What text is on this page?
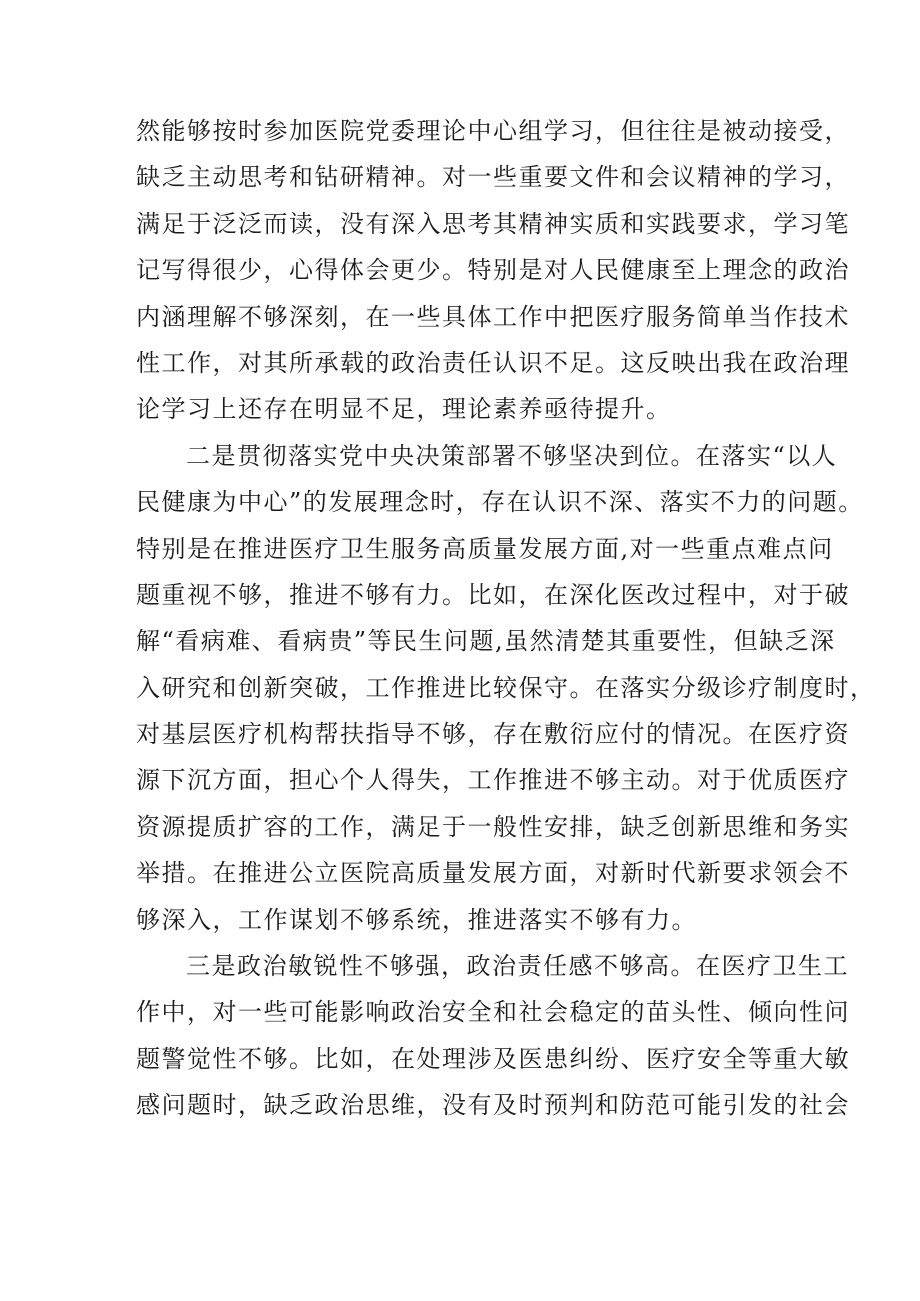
然能够按时参加医院党委理论中心组学习，但往往是被动接受，
缺乏主动思考和钻研精神。对一些重要文件和会议精神的学习，
满足于泛泛而读，没有深入思考其精神实质和实践要求，学习笔
记写得很少，心得体会更少。特别是对人民健康至上理念的政治
内涵理解不够深刻，在一些具体工作中把医疗服务简单当作技术
性工作，对其所承载的政治责任认识不足。这反映出我在政治理
论学习上还存在明显不足，理论素养亟待提升。
二是贯彻落实党中央决策部署不够坚决到位。在落实“以人
民健康为中心”的发展理念时，存在认识不深、落实不力的问题。
特别是在推进医疗卫生服务高质量发展方面,对一些重点难点问
题重视不够，推进不够有力。比如，在深化医改过程中，对于破
解“看病难、看病贵”等民生问题,虽然清楚其重要性，但缺乏深
入研究和创新突破，工作推进比较保守。在落实分级诊疗制度时，
对基层医疗机构帮扶指导不够，存在敷衍应付的情况。在医疗资
源下沉方面，担心个人得失，工作推进不够主动。对于优质医疗
资源提质扩容的工作，满足于一般性安排，缺乏创新思维和务实
举措。在推进公立医院高质量发展方面，对新时代新要求领会不
够深入，工作谋划不够系统，推进落实不够有力。
三是政治敏锐性不够强，政治责任感不够高。在医疗卫生工
作中，对一些可能影响政治安全和社会稳定的苗头性、倾向性问
题警觉性不够。比如，在处理涉及医患纠纷、医疗安全等重大敏
感问题时，缺乏政治思维，没有及时预判和防范可能引发的社会
